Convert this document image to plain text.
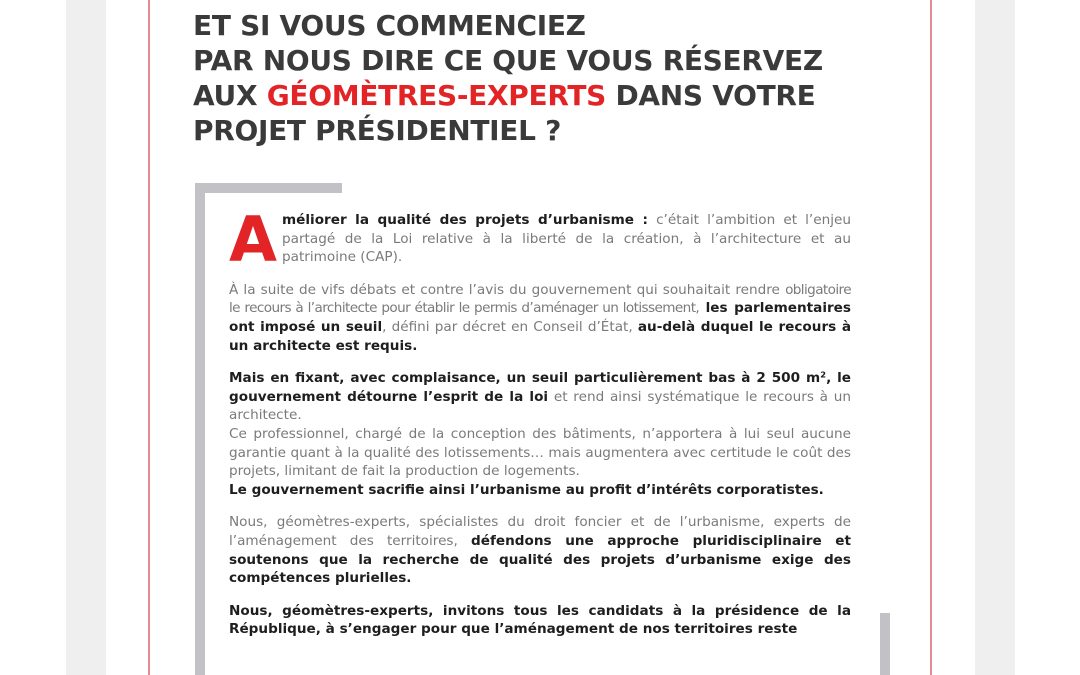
ET SI VOUS COMMENCIEZ
PAR NOUS DIRE CE QUE VOUS RÉSERVEZ
AUX GÉOMÈTRES-EXPERTS DANS VOTRE
PROJET PRÉSIDENTIEL ?

Améliorer la qualité des projets d’urbanisme : c’était l’ambition et l’enjeu partagé de la Loi relative à la liberté de la création, à l’architecture et au patrimoine (CAP).

À la suite de vifs débats et contre l’avis du gouvernement qui souhaitait rendre obligatoire le recours à l’architecte pour établir le permis d’aménager un lotissement, les parlementaires ont imposé un seuil, défini par décret en Conseil d’État, au-delà duquel le recours à un architecte est requis.

Mais en fixant, avec complaisance, un seuil particulièrement bas à 2 500 m², le gouvernement détourne l’esprit de la loi et rend ainsi systématique le recours à un architecte.
Ce professionnel, chargé de la conception des bâtiments, n’apportera à lui seul aucune garantie quant à la qualité des lotissements… mais augmentera avec certitude le coût des projets, limitant de fait la production de logements.
Le gouvernement sacrifie ainsi l’urbanisme au profit d’intérêts corporatistes.

Nous, géomètres-experts, spécialistes du droit foncier et de l’urbanisme, experts de l’aménagement des territoires, défendons une approche pluridisciplinaire et soutenons que la recherche de qualité des projets d’urbanisme exige des compétences plurielles.

Nous, géomètres-experts, invitons tous les candidats à la présidence de la République, à s’engager pour que l’aménagement de nos territoires reste
